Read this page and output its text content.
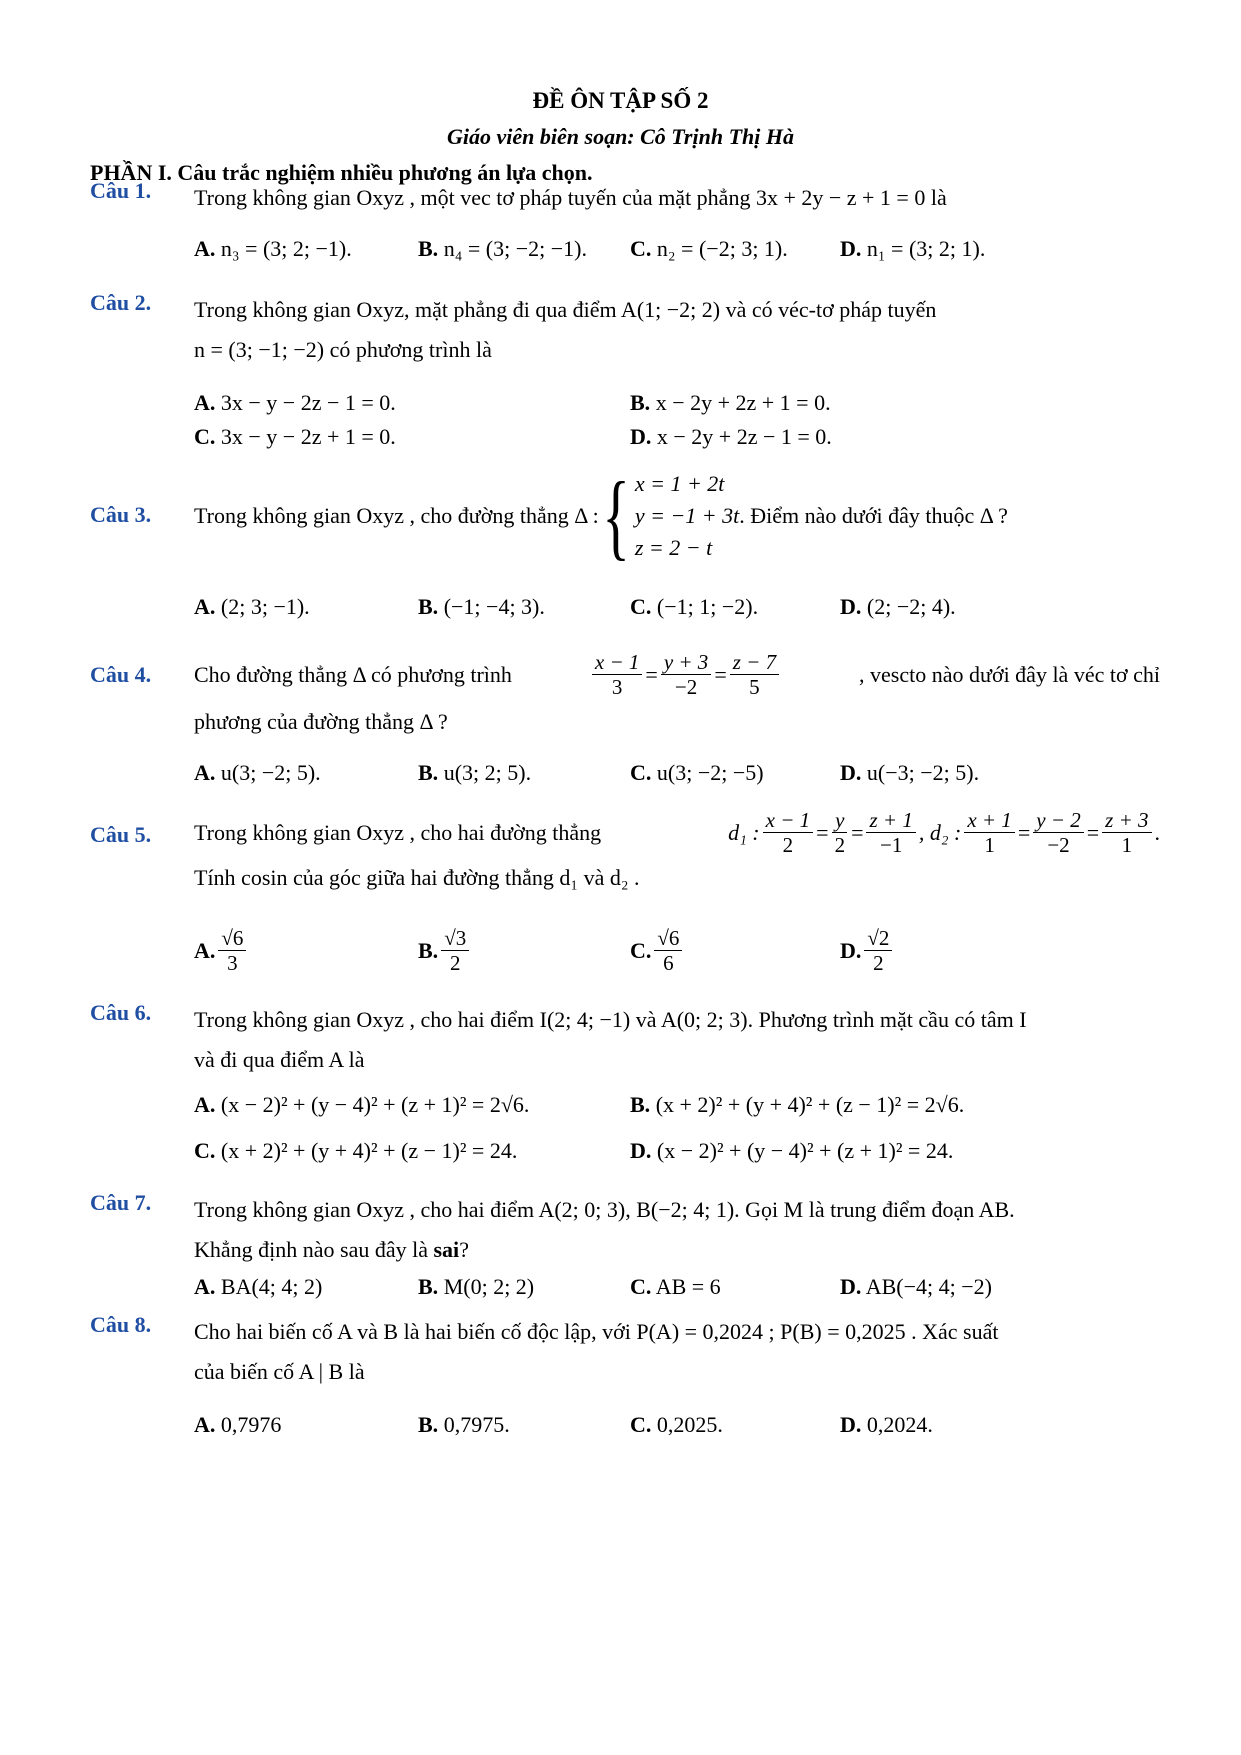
ĐỀ ÔN TẬP SỐ 2
Giáo viên biên soạn: Cô Trịnh Thị Hà
PHẦN I. Câu trắc nghiệm nhiều phương án lựa chọn.
Câu 1. Trong không gian Oxyz , một vec tơ pháp tuyến của mặt phẳng 3x + 2y − z + 1 = 0 là
A. n₃ = (3; 2; −1).	B. n₄ = (3; −2; −1). C. n₂ = (−2; 3; 1). D. n₁ = (3; 2; 1).
Câu 2. Trong không gian Oxyz, mặt phẳng đi qua điểm A(1; −2; 2) và có véc-tơ pháp tuyến
n = (3; −1; −2) có phương trình là
A. 3x − y − 2z − 1 = 0.	B. x − 2y + 2z + 1 = 0.
C. 3x − y − 2z + 1 = 0.	D. x − 2y + 2z − 1 = 0.
Câu 3. Trong không gian Oxyz , cho đường thẳng Δ : { x = 1 + 2t
y = −1 + 3t
z = 2 − t
. Điểm nào dưới đây thuộc Δ ?
A. (2; 3; −1).	B. (−1; −4; 3).	C. (−1; 1; −2).	D. (2; −2; 4).
Câu 4. Cho đường thẳng Δ có phương trình	$\frac{x - 1}{3} = \frac{y + 3}{-2} = \frac{z - 7}{5}$	, vescto nào dưới đây là véc tơ chỉ
phương của đường thẳng Δ ?
A. u(3; −2; 5).	B. u(3; 2; 5).	C. u(3; −2; −5)	D. u(−3; −2; 5).
Câu 5. Trong không gian Oxyz , cho hai đường thẳng	d₁ : $\frac{x - 1}{2} = \frac{y}{2} = \frac{z + 1}{-1}$ , d₂ : $\frac{x + 1}{1} = \frac{y - 2}{-2} = \frac{z + 3}{1}$ .
Tính cosin của góc giữa hai đường thẳng d₁ và d₂ .
A. $\frac{√6}{3}$	B. $\frac{√3}{2}$	C. $\frac{√6}{6}$	D. $\frac{√2}{2}$
Câu 6. Trong không gian Oxyz , cho hai điểm I(2; 4; −1) và A(0; 2; 3). Phương trình mặt cầu có tâm I
và đi qua điểm A là
A. (x − 2)² + (y − 4)² + (z + 1)² = 2√6.	B. (x + 2)² + (y + 4)² + (z − 1)² = 2√6.
C. (x + 2)² + (y + 4)² + (z − 1)² = 24.	D. (x − 2)² + (y − 4)² + (z + 1)² = 24.
Câu 7. Trong không gian Oxyz , cho hai điểm A(2; 0; 3), B(−2; 4; 1). Gọi M là trung điểm đoạn AB.
Khẳng định nào sau đây là sai?
A. BA(4; 4; 2)	B. M(0; 2; 2)	C. AB = 6	D. AB(−4; 4; −2)
Câu 8. Cho hai biến cố A và B là hai biến cố độc lập, với P(A) = 0,2024 ; P(B) = 0,2025 . Xác suất
của biến cố A | B là
A. 0,7976	B. 0,7975.	C. 0,2025.	D. 0,2024.
